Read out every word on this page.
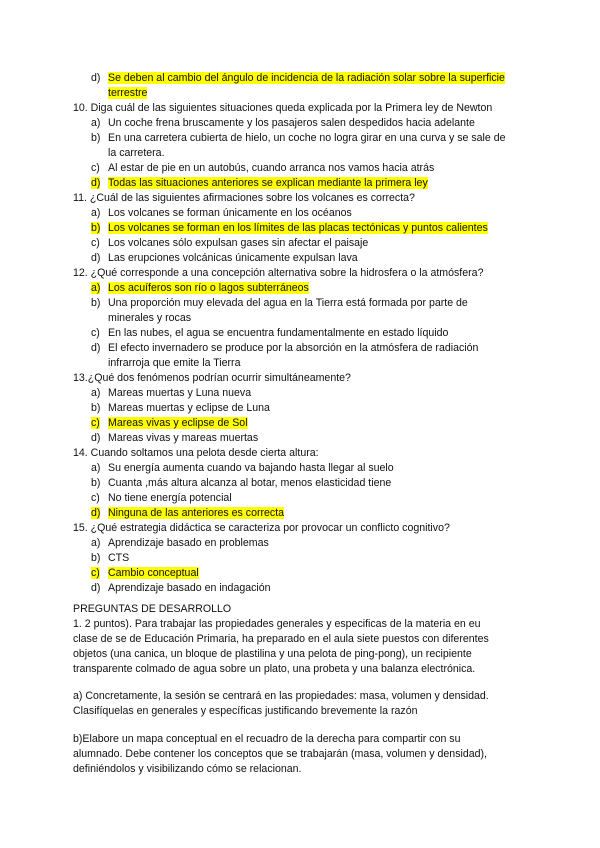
d) Se deben al cambio del ángulo de incidencia de la radiación solar sobre la superficie
terrestre
10. Diga cuál de las siguientes situaciones queda explicada por la Primera ley de Newton
a) Un coche frena bruscamente y los pasajeros salen despedidos hacia adelante
b) En una carretera cubierta de hielo, un coche no logra girar en una curva y se sale de
la carretera.
c) Al estar de pie en un autobús, cuando arranca nos vamos hacia atrás
d) Todas las situaciones anteriores se explican mediante la primera ley
11. ¿Cuál de las siguientes afirmaciones sobre los volcanes es correcta?
a) Los volcanes se forman únicamente en los océanos
b) Los volcanes se forman en los límites de las placas tectónicas y puntos calientes
c) Los volcanes sólo expulsan gases sin afectar el paisaje
d) Las erupciones volcánicas únicamente expulsan lava
12. ¿Qué corresponde a una concepción alternativa sobre la hidrosfera o la atmósfera?
a) Los acuíferos son río o lagos subterráneos
b) Una proporción muy elevada del agua en la Tierra está formada por parte de
minerales y rocas
c) En las nubes, el agua se encuentra fundamentalmente en estado líquido
d) El efecto invernadero se produce por la absorción en la atmósfera de radiación
infrarroja que emite la Tierra
13.¿Qué dos fenómenos podrían ocurrir simultáneamente?
a) Mareas muertas y Luna nueva
b) Mareas muertas y eclipse de Luna
c) Mareas vivas y eclipse de Sol
d) Mareas vivas y mareas muertas
14. Cuando soltamos una pelota desde cierta altura:
a) Su energía aumenta cuando va bajando hasta llegar al suelo
b) Cuanta ,más altura alcanza al botar, menos elasticidad tiene
c) No tiene energía potencial
d) Ninguna de las anteriores es correcta
15. ¿Qué estrategia didáctica se caracteriza por provocar un conflicto cognitivo?
a) Aprendizaje basado en problemas
b) CTS
c) Cambio conceptual
d) Aprendizaje basado en indagación
PREGUNTAS DE DESARROLLO
1. 2 puntos). Para trabajar las propiedades generales y especificas de la materia en eu
clase de se de Educación Primaria, ha preparado en el aula siete puestos con diferentes
objetos (una canica, un bloque de plastilina y una pelota de ping-pong), un recipiente
transparente colmado de agua sobre un plato, una probeta y una balanza electrónica.
a) Concretamente, la sesión se centrará en las propiedades: masa, volumen y densidad.
Clasifíquelas en generales y específicas justificando brevemente la razón
b)Elabore un mapa conceptual en el recuadro de la derecha para compartir con su
alumnado. Debe contener los conceptos que se trabajarán (masa, volumen y densidad),
definiéndolos y visibilizando cómo se relacionan.
